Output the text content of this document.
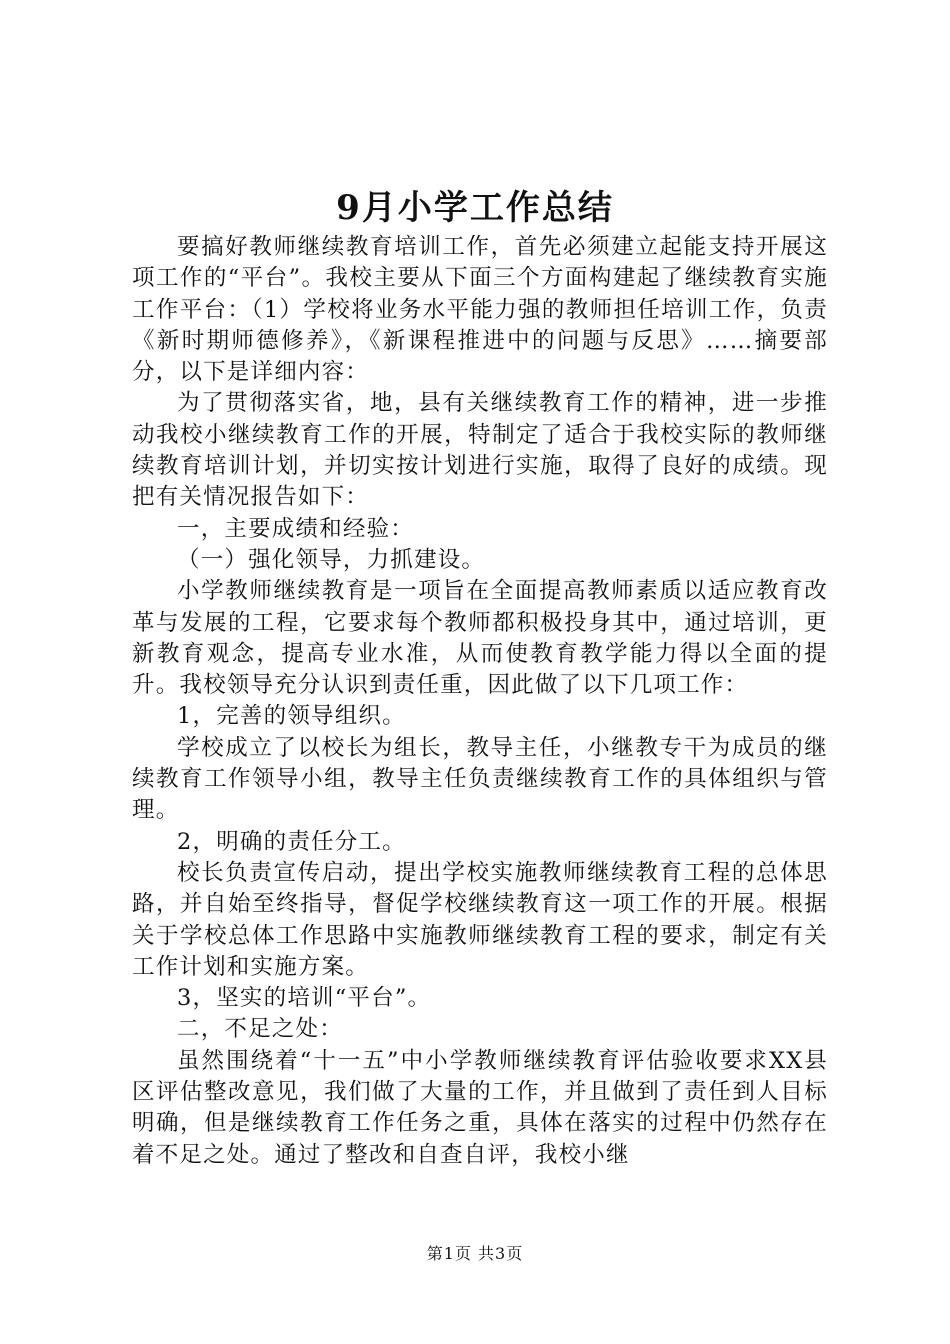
9月小学工作总结

要搞好教师继续教育培训工作，首先必须建立起能支持开展这项工作的“平台”。我校主要从下面三个方面构建起了继续教育实施工作平台：（1）学校将业务水平能力强的教师担任培训工作，负责《新时期师德修养》，《新课程推进中的问题与反思》……摘要部分，以下是详细内容：

为了贯彻落实省，地，县有关继续教育工作的精神，进一步推动我校小继续教育工作的开展，特制定了适合于我校实际的教师继续教育培训计划，并切实按计划进行实施，取得了良好的成绩。现把有关情况报告如下：

一，主要成绩和经验：

（一）强化领导，力抓建设。

小学教师继续教育是一项旨在全面提高教师素质以适应教育改革与发展的工程，它要求每个教师都积极投身其中，通过培训，更新教育观念，提高专业水准，从而使教育教学能力得以全面的提升。我校领导充分认识到责任重，因此做了以下几项工作：

1，完善的领导组织。

学校成立了以校长为组长，教导主任，小继教专干为成员的继续教育工作领导小组，教导主任负责继续教育工作的具体组织与管理。

2，明确的责任分工。

校长负责宣传启动，提出学校实施教师继续教育工程的总体思路，并自始至终指导，督促学校继续教育这一项工作的开展。根据关于学校总体工作思路中实施教师继续教育工程的要求，制定有关工作计划和实施方案。

3，坚实的培训“平台”。

二，不足之处：

虽然围绕着“十一五”中小学教师继续教育评估验收要求XX县区评估整改意见，我们做了大量的工作，并且做到了责任到人目标明确，但是继续教育工作任务之重，具体在落实的过程中仍然存在着不足之处。通过了整改和自查自评，我校小继

第1页 共3页
